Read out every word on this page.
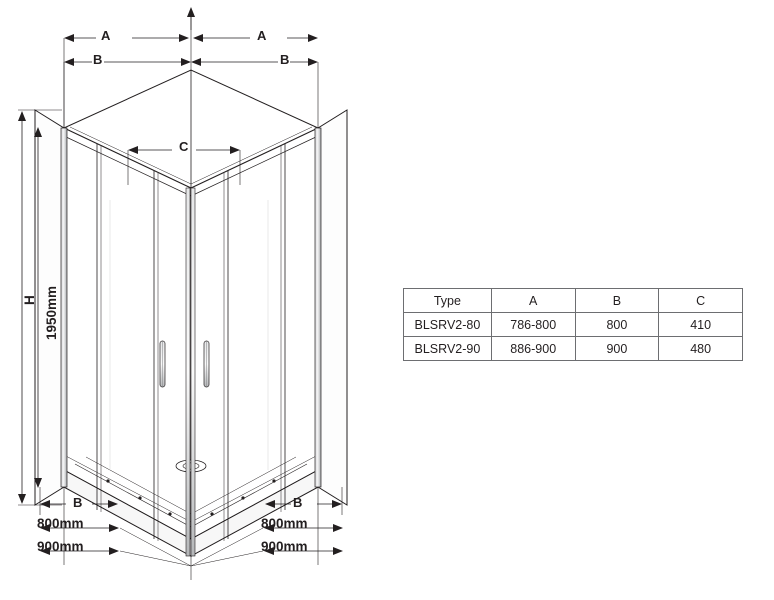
A	A
B	B
C
H 1950mm
B	B
800mm
900mm
800mm
900mm
Type	A	B	C
BLSRV2-80	786-800	800	410
BLSRV2-90	886-900	900	480
